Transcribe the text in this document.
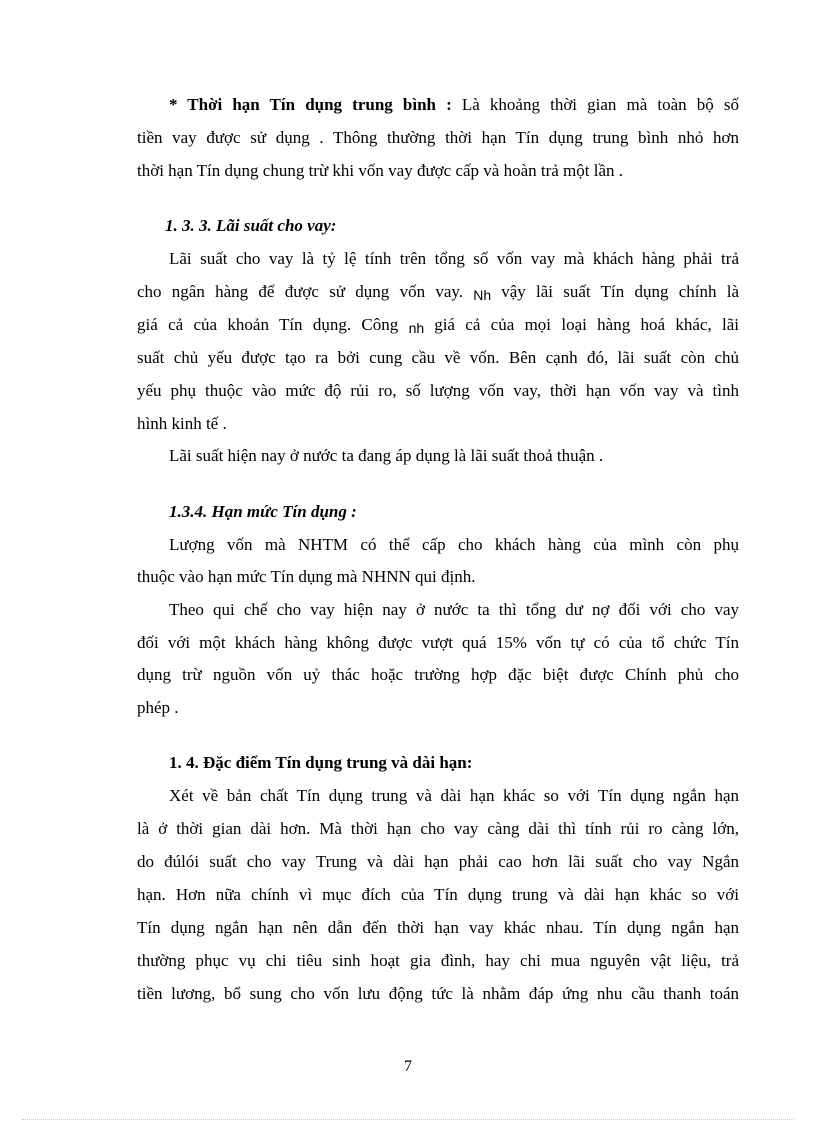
* Thời hạn Tín dụng trung bình : Là khoảng thời gian mà toàn bộ số
tiền vay được sử dụng . Thông thường thời hạn Tín dụng trung bình nhỏ hơn
thời hạn Tín dụng chung trừ khi vốn vay được cấp và hoàn trả một lần .
1. 3. 3. Lãi suất cho vay:
Lãi suất cho vay là tỷ lệ tính trên tổng số vốn vay mà khách hàng phải trả
cho ngân hàng để được sử dụng vốn vay. Nh vậy lãi suất Tín dụng chính là
giá cả của khoản Tín dụng. Công nh giá cả của mọi loại hàng hoá khác, lãi
suất chủ yếu được tạo ra bởi cung cầu về vốn. Bên cạnh đó, lãi suất còn chủ
yếu phụ thuộc vào mức độ rủi ro, số lượng vốn vay, thời hạn vốn vay và tình
hình kinh tế .
Lãi suất hiện nay ở nước ta đang áp dụng là lãi suất thoả thuận .
1.3.4. Hạn mức Tín dụng :
Lượng vốn mà NHTM có thể cấp cho khách hàng của mình còn phụ
thuộc vào hạn mức Tín dụng mà NHNN qui định.
Theo qui chế cho vay hiện nay ở nước ta thì tổng dư nợ đối với cho vay
đối với một khách hàng không được vượt quá 15% vốn tự có của tổ chức Tín
dụng trừ nguồn vốn uỷ thác hoặc trường hợp đặc biệt được Chính phủ cho
phép .
1. 4. Đặc điểm Tín dụng trung và dài hạn:
Xét về bản chất Tín dụng trung và dài hạn khác so với Tín dụng ngắn hạn
là ở thời gian dài hơn. Mà thời hạn cho vay càng dài thì tính rủi ro càng lớn,
do đúlói suất cho vay Trung và dài hạn phải cao hơn lãi suất cho vay Ngắn
hạn. Hơn nữa chính vì mục đích của Tín dụng trung và dài hạn khác so với
Tín dụng ngắn hạn nên dẫn đến thời hạn vay khác nhau. Tín dụng ngắn hạn
thường phục vụ chi tiêu sinh hoạt gia đình, hay chi mua nguyên vật liệu, trả
tiền lương, bổ sung cho vốn lưu động tức là nhằm đáp ứng nhu cầu thanh toán
7
